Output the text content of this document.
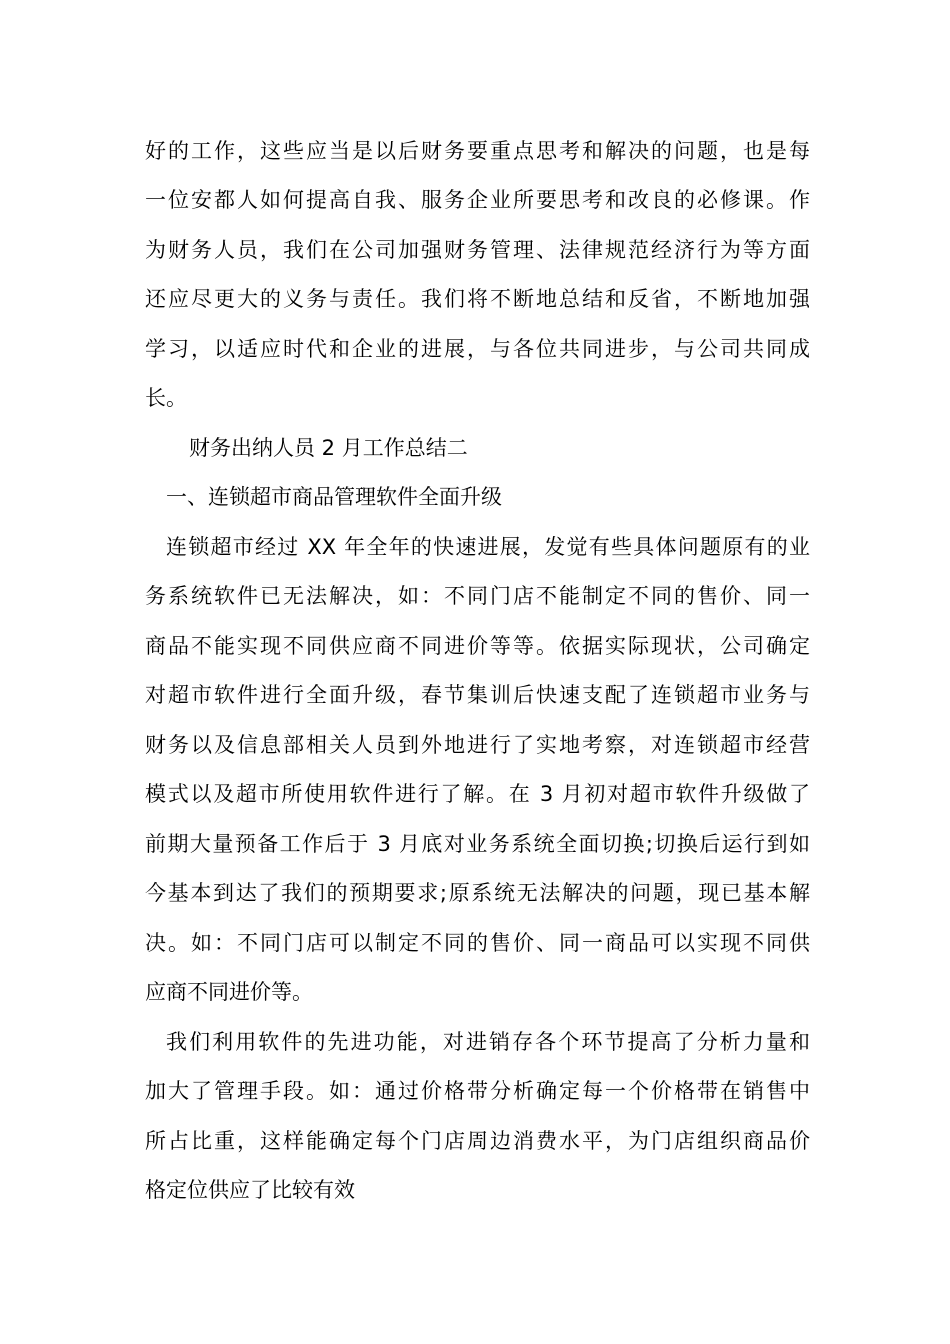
好的工作，这些应当是以后财务要重点思考和解决的问题，也是每
一位安都人如何提高自我、服务企业所要思考和改良的必修课。作
为财务人员，我们在公司加强财务管理、法律规范经济行为等方面
还应尽更大的义务与责任。我们将不断地总结和反省，不断地加强
学习，以适应时代和企业的进展，与各位共同进步，与公司共同成
长。
财务出纳人员 2 月工作总结二
一、连锁超市商品管理软件全面升级
连锁超市经过 XX 年全年的快速进展，发觉有些具体问题原有的业
务系统软件已无法解决，如：不同门店不能制定不同的售价、同一
商品不能实现不同供应商不同进价等等。依据实际现状，公司确定
对超市软件进行全面升级，春节集训后快速支配了连锁超市业务与
财务以及信息部相关人员到外地进行了实地考察，对连锁超市经营
模式以及超市所使用软件进行了解。在 3 月初对超市软件升级做了
前期大量预备工作后于 3 月底对业务系统全面切换;切换后运行到如
今基本到达了我们的预期要求;原系统无法解决的问题，现已基本解
决。如：不同门店可以制定不同的售价、同一商品可以实现不同供
应商不同进价等。
我们利用软件的先进功能，对进销存各个环节提高了分析力量和
加大了管理手段。如：通过价格带分析确定每一个价格带在销售中
所占比重，这样能确定每个门店周边消费水平，为门店组织商品价
格定位供应了比较有效
